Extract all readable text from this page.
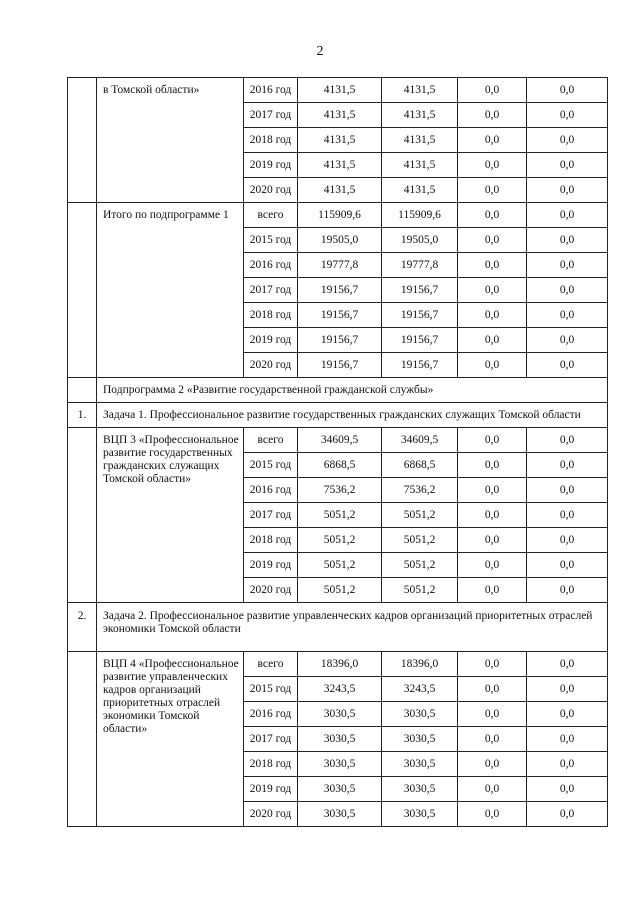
2
	в Томской области»	2016 год	4131,5	4131,5	0,0	0,0
		2017 год	4131,5	4131,5	0,0	0,0
		2018 год	4131,5	4131,5	0,0	0,0
		2019 год	4131,5	4131,5	0,0	0,0
		2020 год	4131,5	4131,5	0,0	0,0
	Итого по подпрограмме 1	всего	115909,6	115909,6	0,0	0,0
		2015 год	19505,0	19505,0	0,0	0,0
		2016 год	19777,8	19777,8	0,0	0,0
		2017 год	19156,7	19156,7	0,0	0,0
		2018 год	19156,7	19156,7	0,0	0,0
		2019 год	19156,7	19156,7	0,0	0,0
		2020 год	19156,7	19156,7	0,0	0,0
	Подпрограмма 2 «Развитие государственной гражданской службы»					
1.	Задача 1. Профессиональное развитие государственных гражданских служащих Томской области					
	ВЦП 3 «Профессиональное развитие государственных гражданских служащих Томской области»	всего	34609,5	34609,5	0,0	0,0
		2015 год	6868,5	6868,5	0,0	0,0
		2016 год	7536,2	7536,2	0,0	0,0
		2017 год	5051,2	5051,2	0,0	0,0
		2018 год	5051,2	5051,2	0,0	0,0
		2019 год	5051,2	5051,2	0,0	0,0
		2020 год	5051,2	5051,2	0,0	0,0
2.	Задача 2. Профессиональное развитие управленческих кадров организаций приоритетных отраслей экономики Томской области					
	ВЦП 4 «Профессиональное развитие управленческих кадров организаций приоритетных отраслей экономики Томской области»	всего	18396,0	18396,0	0,0	0,0
		2015 год	3243,5	3243,5	0,0	0,0
		2016 год	3030,5	3030,5	0,0	0,0
		2017 год	3030,5	3030,5	0,0	0,0
		2018 год	3030,5	3030,5	0,0	0,0
		2019 год	3030,5	3030,5	0,0	0,0
		2020 год	3030,5	3030,5	0,0	0,0
